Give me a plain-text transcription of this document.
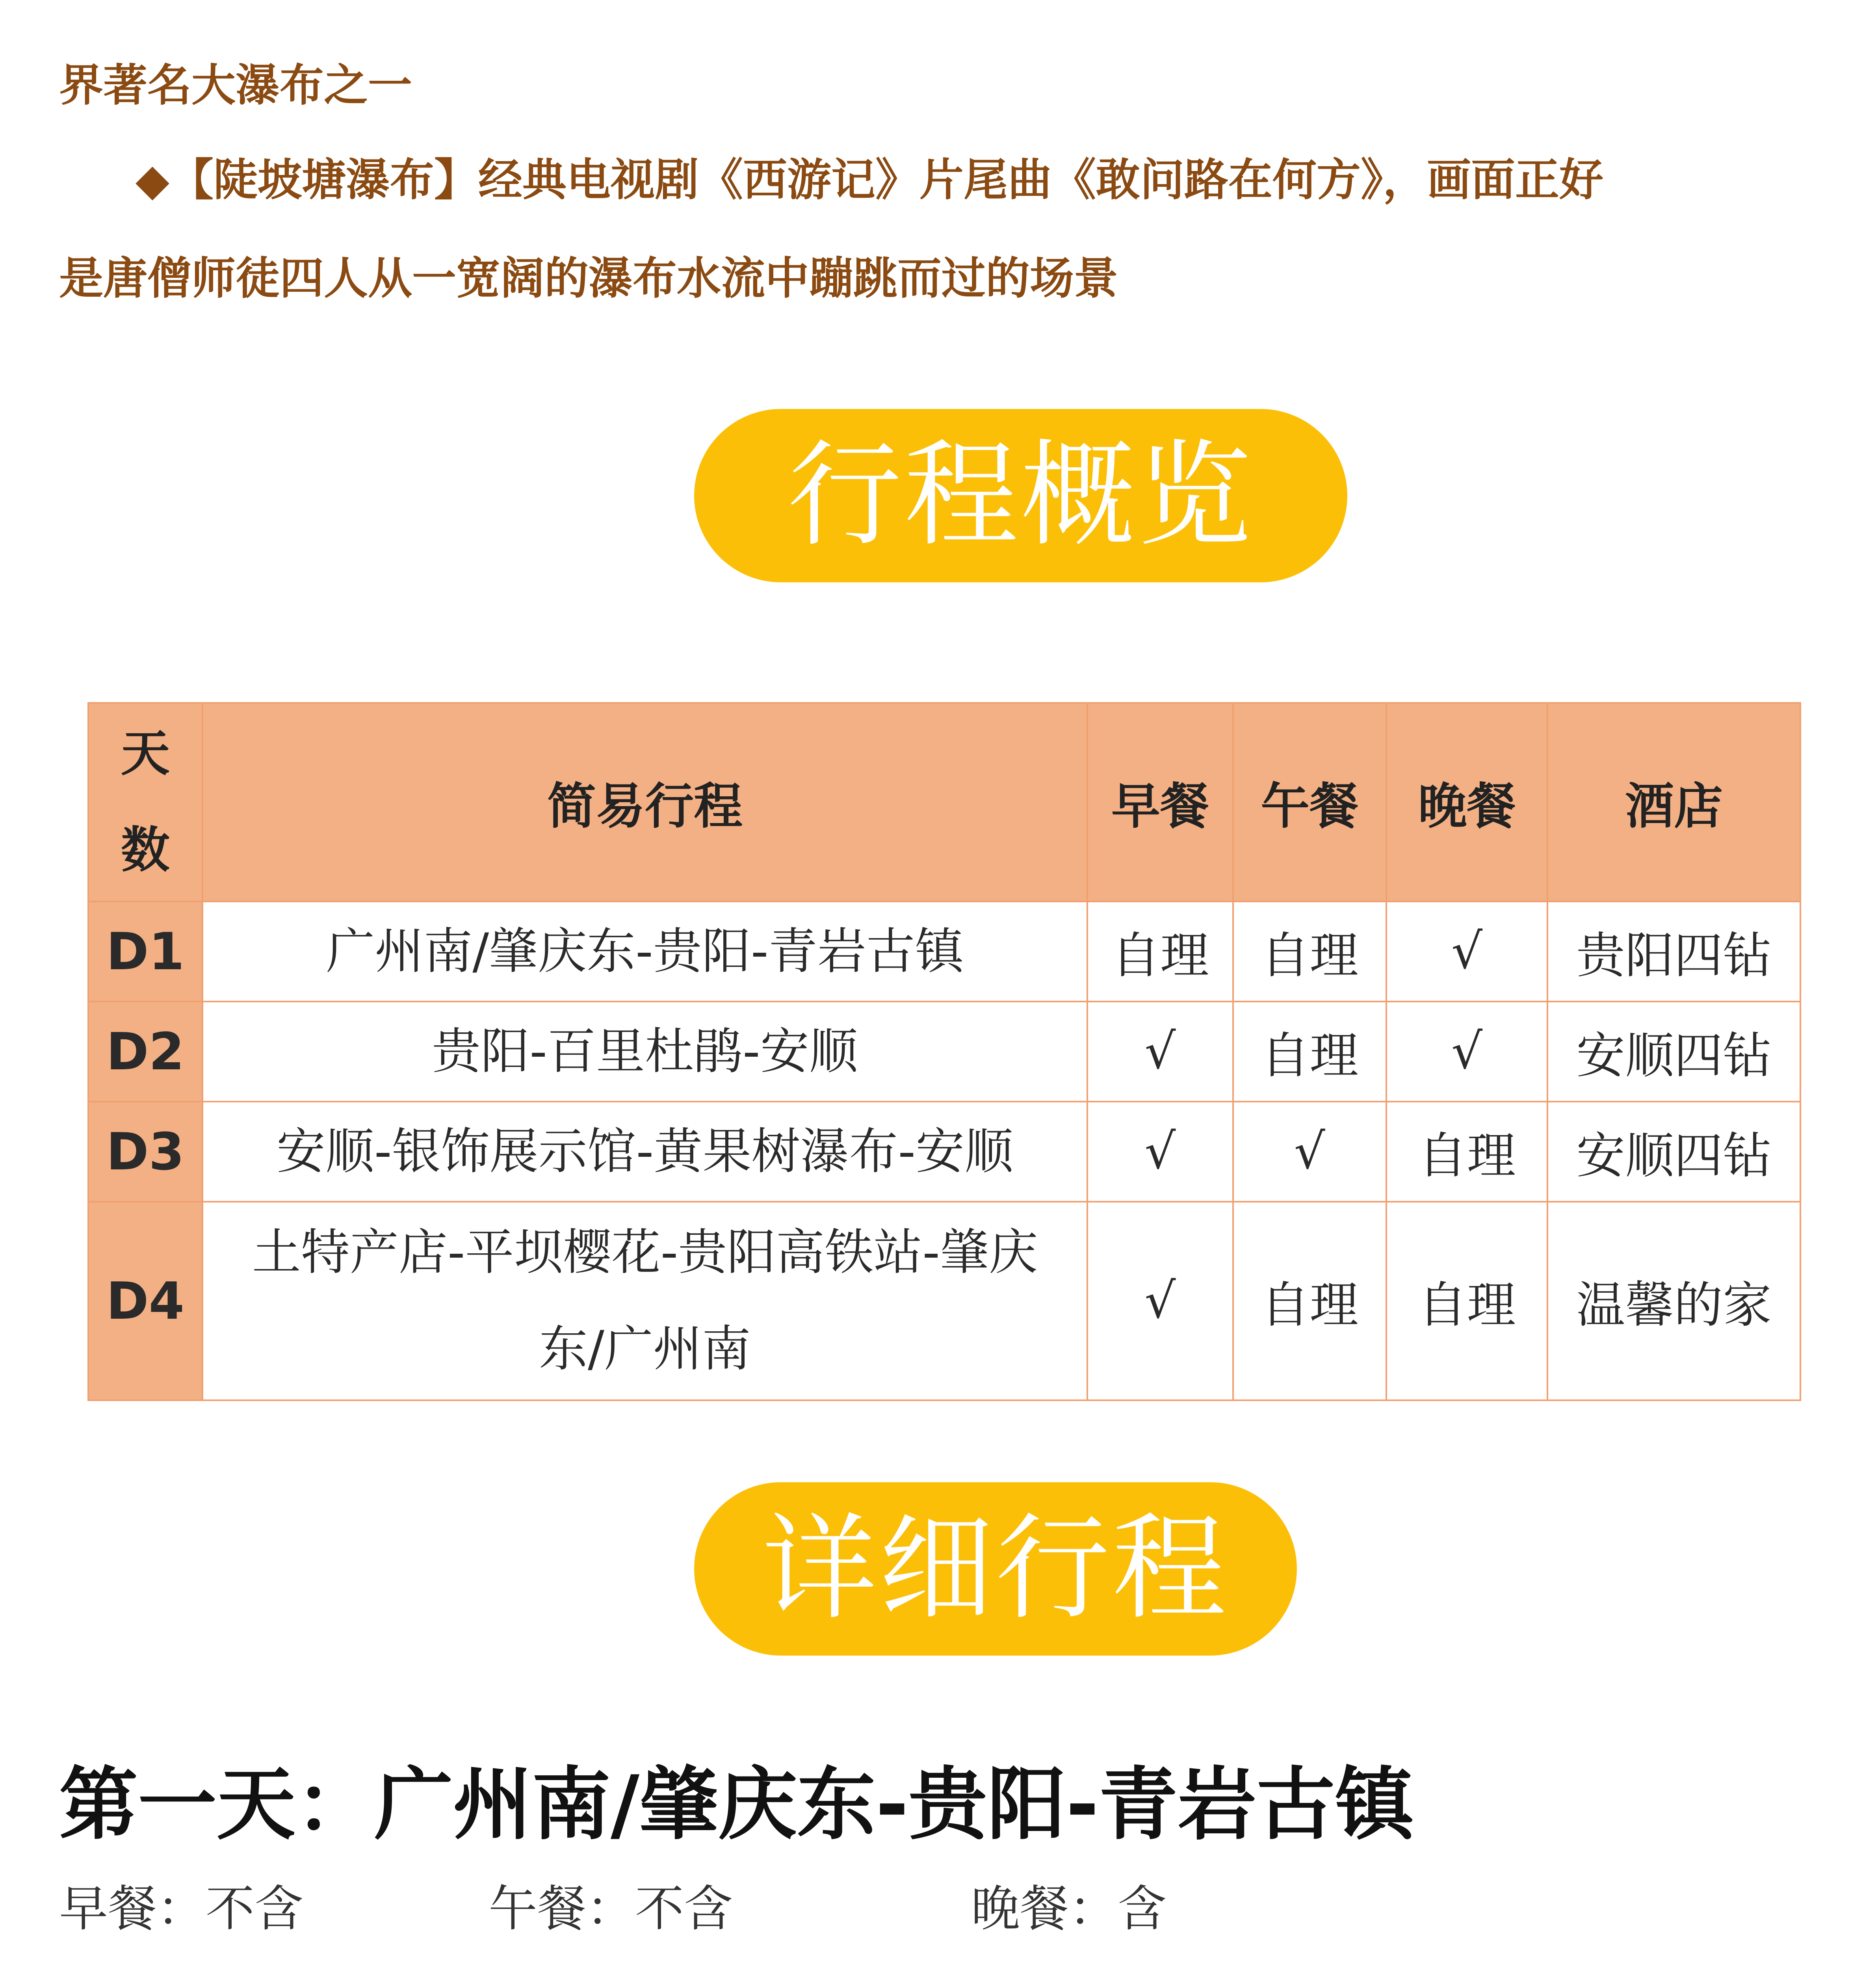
界著名大瀑布之一
◆【陡坡塘瀑布】经典电视剧《西游记》片尾曲《敢问路在何方》，画面正好
是唐僧师徒四人从一宽阔的瀑布水流中蹦跳而过的场景
行程概览
天数	简易行程	早餐	午餐	晚餐	酒店
D1	广州南/肇庆东-贵阳-青岩古镇	自理	自理	√	贵阳四钻
D2	贵阳-百里杜鹃-安顺	√	自理	√	安顺四钻
D3	安顺-银饰展示馆-黄果树瀑布-安顺	√	√	自理	安顺四钻
D4	土特产店-平坝樱花-贵阳高铁站-肇庆东/广州南	√	自理	自理	温馨的家
详细行程
第一天：广州南/肇庆东-贵阳-青岩古镇
早餐：不含	午餐：不含	晚餐：含
